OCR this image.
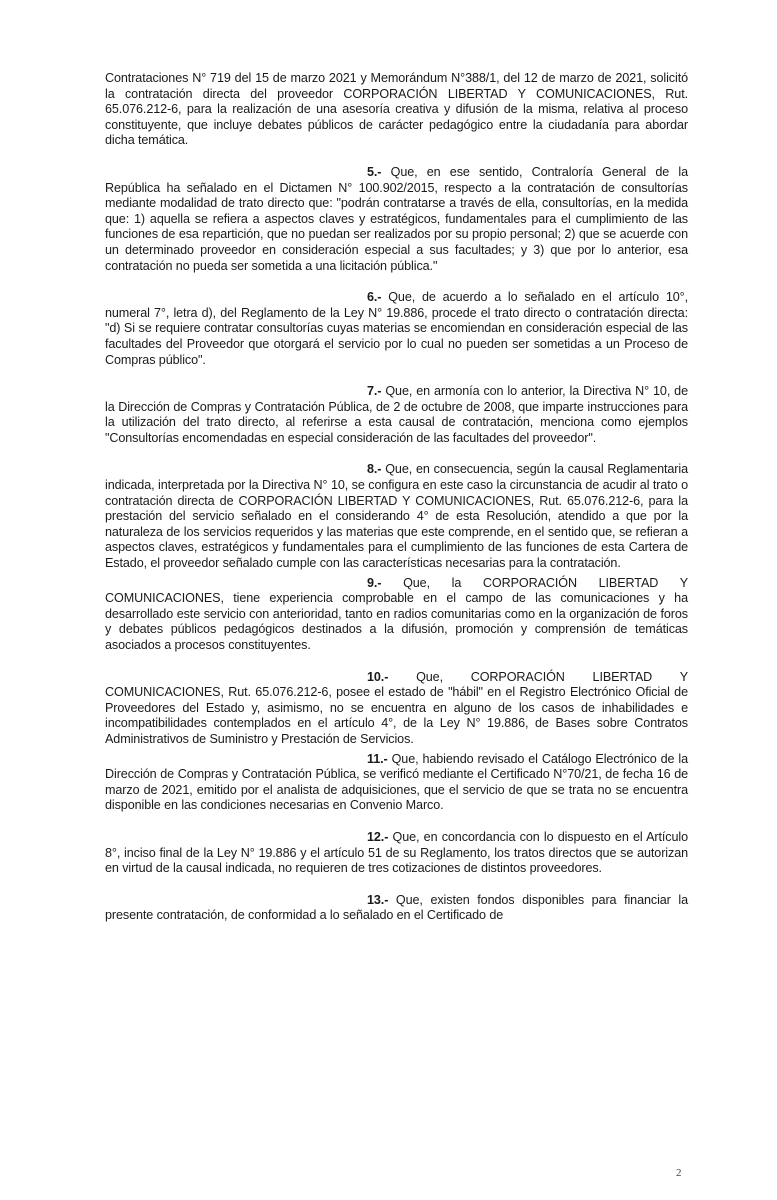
Contrataciones N° 719 del 15 de marzo 2021 y Memorándum N°388/1, del 12 de marzo de 2021, solicitó la contratación directa del proveedor CORPORACIÓN LIBERTAD Y COMUNICACIONES, Rut. 65.076.212-6, para la realización de una asesoría creativa y difusión de la misma, relativa al proceso constituyente, que incluye debates públicos de carácter pedagógico entre la ciudadanía para abordar dicha temática.

5.- Que, en ese sentido, Contraloría General de la República ha señalado en el Dictamen N° 100.902/2015, respecto a la contratación de consultorías mediante modalidad de trato directo que: "podrán contratarse a través de ella, consultorías, en la medida que: 1) aquella se refiera a aspectos claves y estratégicos, fundamentales para el cumplimiento de las funciones de esa repartición, que no puedan ser realizados por su propio personal; 2) que se acuerde con un determinado proveedor en consideración especial a sus facultades; y 3) que por lo anterior, esa contratación no pueda ser sometida a una licitación pública."

6.- Que, de acuerdo a lo señalado en el artículo 10°, numeral 7°, letra d), del Reglamento de la Ley N° 19.886, procede el trato directo o contratación directa: "d) Si se requiere contratar consultorías cuyas materias se encomiendan en consideración especial de las facultades del Proveedor que otorgará el servicio por lo cual no pueden ser sometidas a un Proceso de Compras público".

7.- Que, en armonía con lo anterior, la Directiva N° 10, de la Dirección de Compras y Contratación Pública, de 2 de octubre de 2008, que imparte instrucciones para la utilización del trato directo, al referirse a esta causal de contratación, menciona como ejemplos "Consultorías encomendadas en especial consideración de las facultades del proveedor".

8.- Que, en consecuencia, según la causal Reglamentaria indicada, interpretada por la Directiva N° 10, se configura en este caso la circunstancia de acudir al trato o contratación directa de CORPORACIÓN LIBERTAD Y COMUNICACIONES, Rut. 65.076.212-6, para la prestación del servicio señalado en el considerando 4° de esta Resolución, atendido a que por la naturaleza de los servicios requeridos y las materias que este comprende, en el sentido que, se refieran a aspectos claves, estratégicos y fundamentales para el cumplimiento de las funciones de esta Cartera de Estado, el proveedor señalado cumple con las características necesarias para la contratación.

9.- Que, la CORPORACIÓN LIBERTAD Y COMUNICACIONES, tiene experiencia comprobable en el campo de las comunicaciones y ha desarrollado este servicio con anterioridad, tanto en radios comunitarias como en la organización de foros y debates públicos pedagógicos destinados a la difusión, promoción y comprensión de temáticas asociados a procesos constituyentes.

10.- Que, CORPORACIÓN LIBERTAD Y COMUNICACIONES, Rut. 65.076.212-6, posee el estado de "hábil" en el Registro Electrónico Oficial de Proveedores del Estado y, asimismo, no se encuentra en alguno de los casos de inhabilidades e incompatibilidades contemplados en el artículo 4°, de la Ley N° 19.886, de Bases sobre Contratos Administrativos de Suministro y Prestación de Servicios.

11.- Que, habiendo revisado el Catálogo Electrónico de la Dirección de Compras y Contratación Pública, se verificó mediante el Certificado N°70/21, de fecha 16 de marzo de 2021, emitido por el analista de adquisiciones, que el servicio de que se trata no se encuentra disponible en las condiciones necesarias en Convenio Marco.

12.- Que, en concordancia con lo dispuesto en el Artículo 8°, inciso final de la Ley N° 19.886 y el artículo 51 de su Reglamento, los tratos directos que se autorizan en virtud de la causal indicada, no requieren de tres cotizaciones de distintos proveedores.

13.- Que, existen fondos disponibles para financiar la presente contratación, de conformidad a lo señalado en el Certificado de

2
